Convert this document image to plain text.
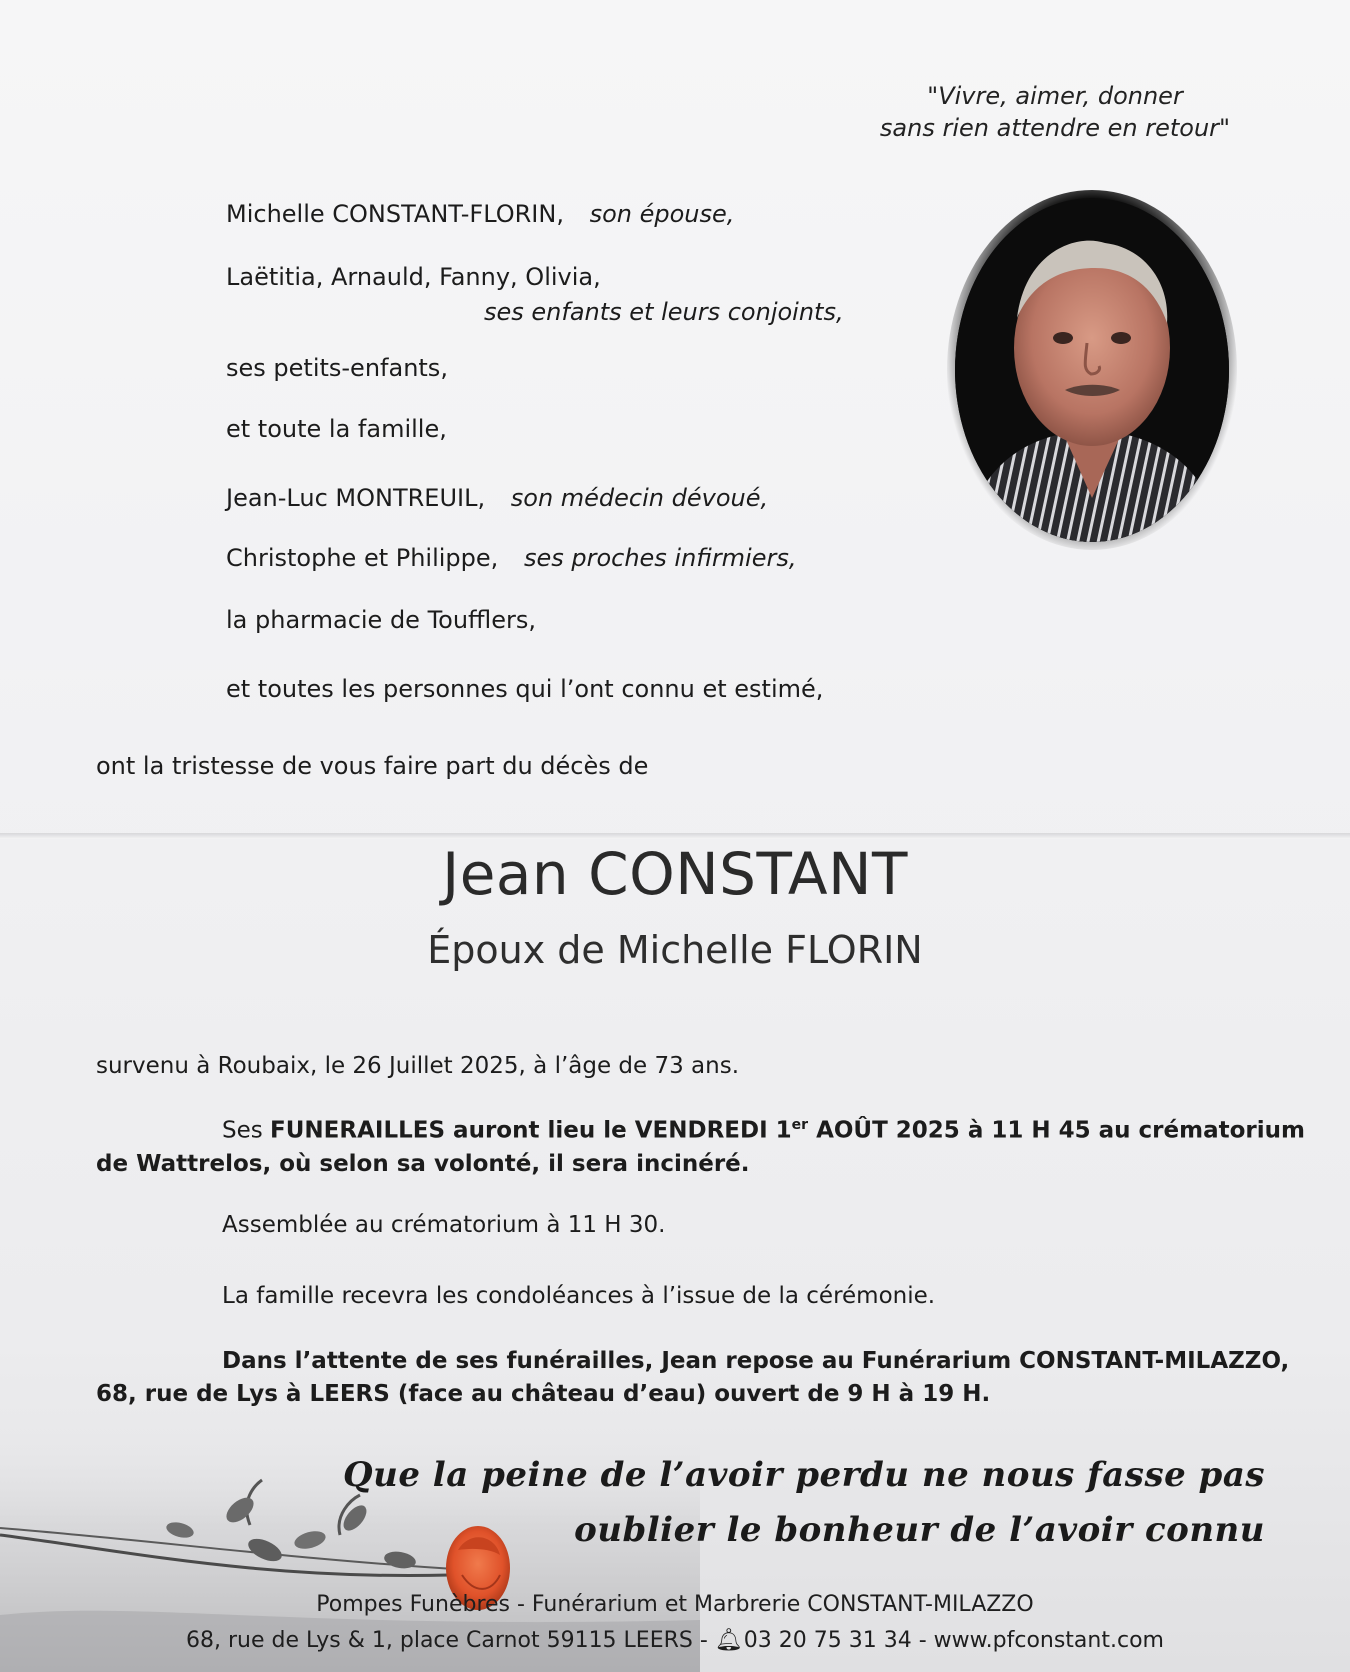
"Vivre, aimer, donner
sans rien attendre en retour"
Michelle CONSTANT-FLORIN, son épouse,
Laëtitia, Arnauld, Fanny, Olivia,
ses enfants et leurs conjoints,
ses petits-enfants,
et toute la famille,
Jean-Luc MONTREUIL, son médecin dévoué,
Christophe et Philippe, ses proches infirmiers,
la pharmacie de Toufflers,
et toutes les personnes qui l’ont connu et estimé,
ont la tristesse de vous faire part du décès de
Jean CONSTANT
Époux de Michelle FLORIN
survenu à Roubaix, le 26 Juillet 2025, à l’âge de 73 ans.
Ses FUNERAILLES auront lieu le VENDREDI 1er AOÛT 2025 à 11 H 45 au crématorium
de Wattrelos, où selon sa volonté, il sera incinéré.
Assemblée au crématorium à 11 H 30.
La famille recevra les condoléances à l’issue de la cérémonie.
Dans l’attente de ses funérailles, Jean repose au Funérarium CONSTANT-MILAZZO,
68, rue de Lys à LEERS (face au château d’eau) ouvert de 9 H à 19 H.
Que la peine de l’avoir perdu ne nous fasse pas
oublier le bonheur de l’avoir connu
Pompes Funèbres - Funérarium et Marbrerie CONSTANT-MILAZZO
68, rue de Lys & 1, place Carnot 59115 LEERS - 🔔︎ 03 20 75 31 34 - www.pfconstant.com
